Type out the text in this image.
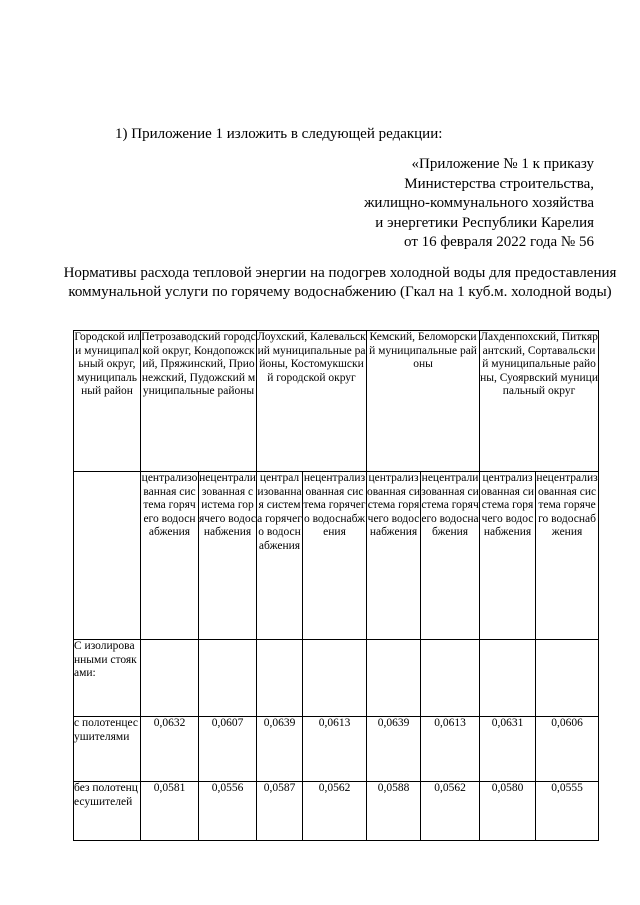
1) Приложение 1 изложить в следующей редакции:
«Приложение № 1 к приказу
Министерства строительства,
жилищно-коммунального хозяйства
и энергетики Республики Карелия
от 16 февраля 2022 года № 56
Нормативы расхода тепловой энергии на подогрев холодной воды для предоставления коммунальной услуги по горячему водоснабжению (Гкал на 1 куб.м. холодной воды)
Городской или муниципальный округ, муниципальный район	Петрозаводский городской округ, Кондопожский, Пряжинский, Прионежский, Пудожский муниципальные районы		Лоухский, Калевальский муниципальные районы, Костомукшский городской округ		Кемский, Беломорский муниципальные районы		Лахденпохский, Питкярантский, Сортавальский муниципальные районы, Суоярвский муниципальный округ	
	централизованная система горячего водоснабжения	нецентрализованная система горячего водоснабжения	централизованная система горячего водоснабжения	нецентрализованная система горячего водоснабжения	централизованная система горячего водоснабжения	нецентрализованная система горячего водоснабжения	централизованная система горячего водоснабжения	нецентрализованная система горячего водоснабжения
С изолированными стояками:								
с полотенцесушителями	0,0632	0,0607	0,0639	0,0613	0,0639	0,0613	0,0631	0,0606
без полотенцесушителей	0,0581	0,0556	0,0587	0,0562	0,0588	0,0562	0,0580	0,0555
